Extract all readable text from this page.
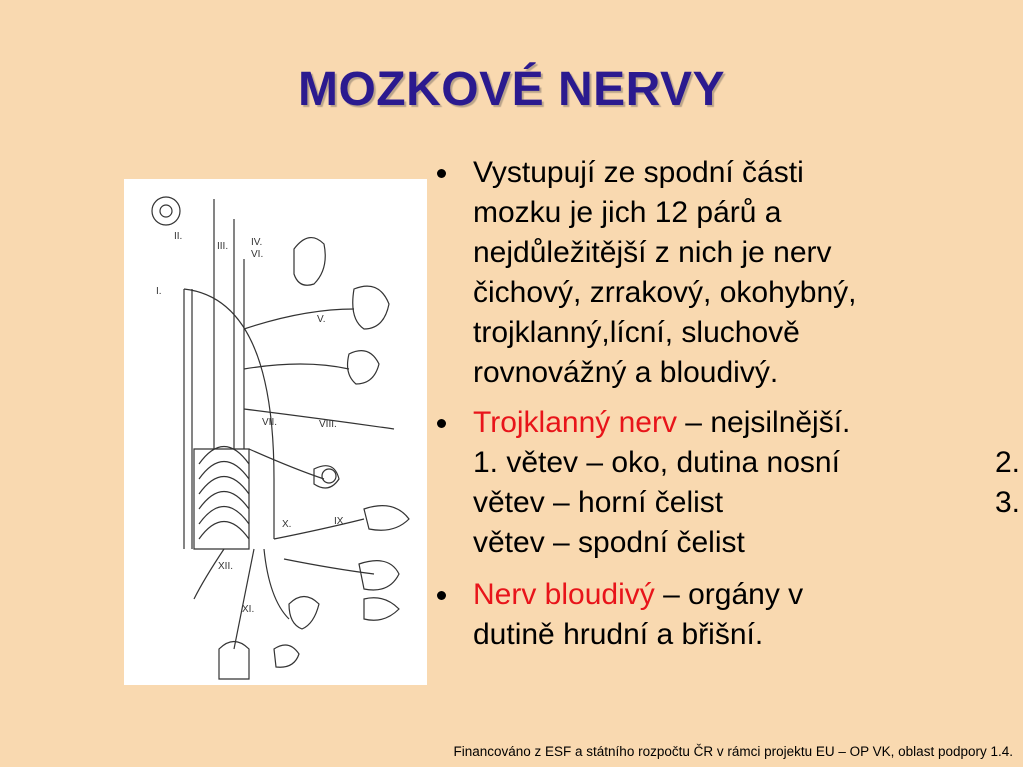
MOZKOVÉ NERVY
II.
I.
III. IV.
VI.
V.
VII.	VIII.
IX.
X.
XII.
XI.
Vystupují ze spodní části
mozku je jich 12 párů a
nejdůležitější z nich je nerv
čichový, zrrakový, okohybný,
trojklanný,lícní, sluchově
rovnovážný a bloudivý.
Trojklanný nerv – nejsilnější.
1. větev – oko, dutina nosní	2.
větev – horní čelist	3.
větev – spodní čelist
Nerv bloudivý – orgány v
dutině hrudní a břišní.
Financováno z ESF a státního rozpočtu ČR v rámci projektu EU – OP VK, oblast podpory 1.4.
